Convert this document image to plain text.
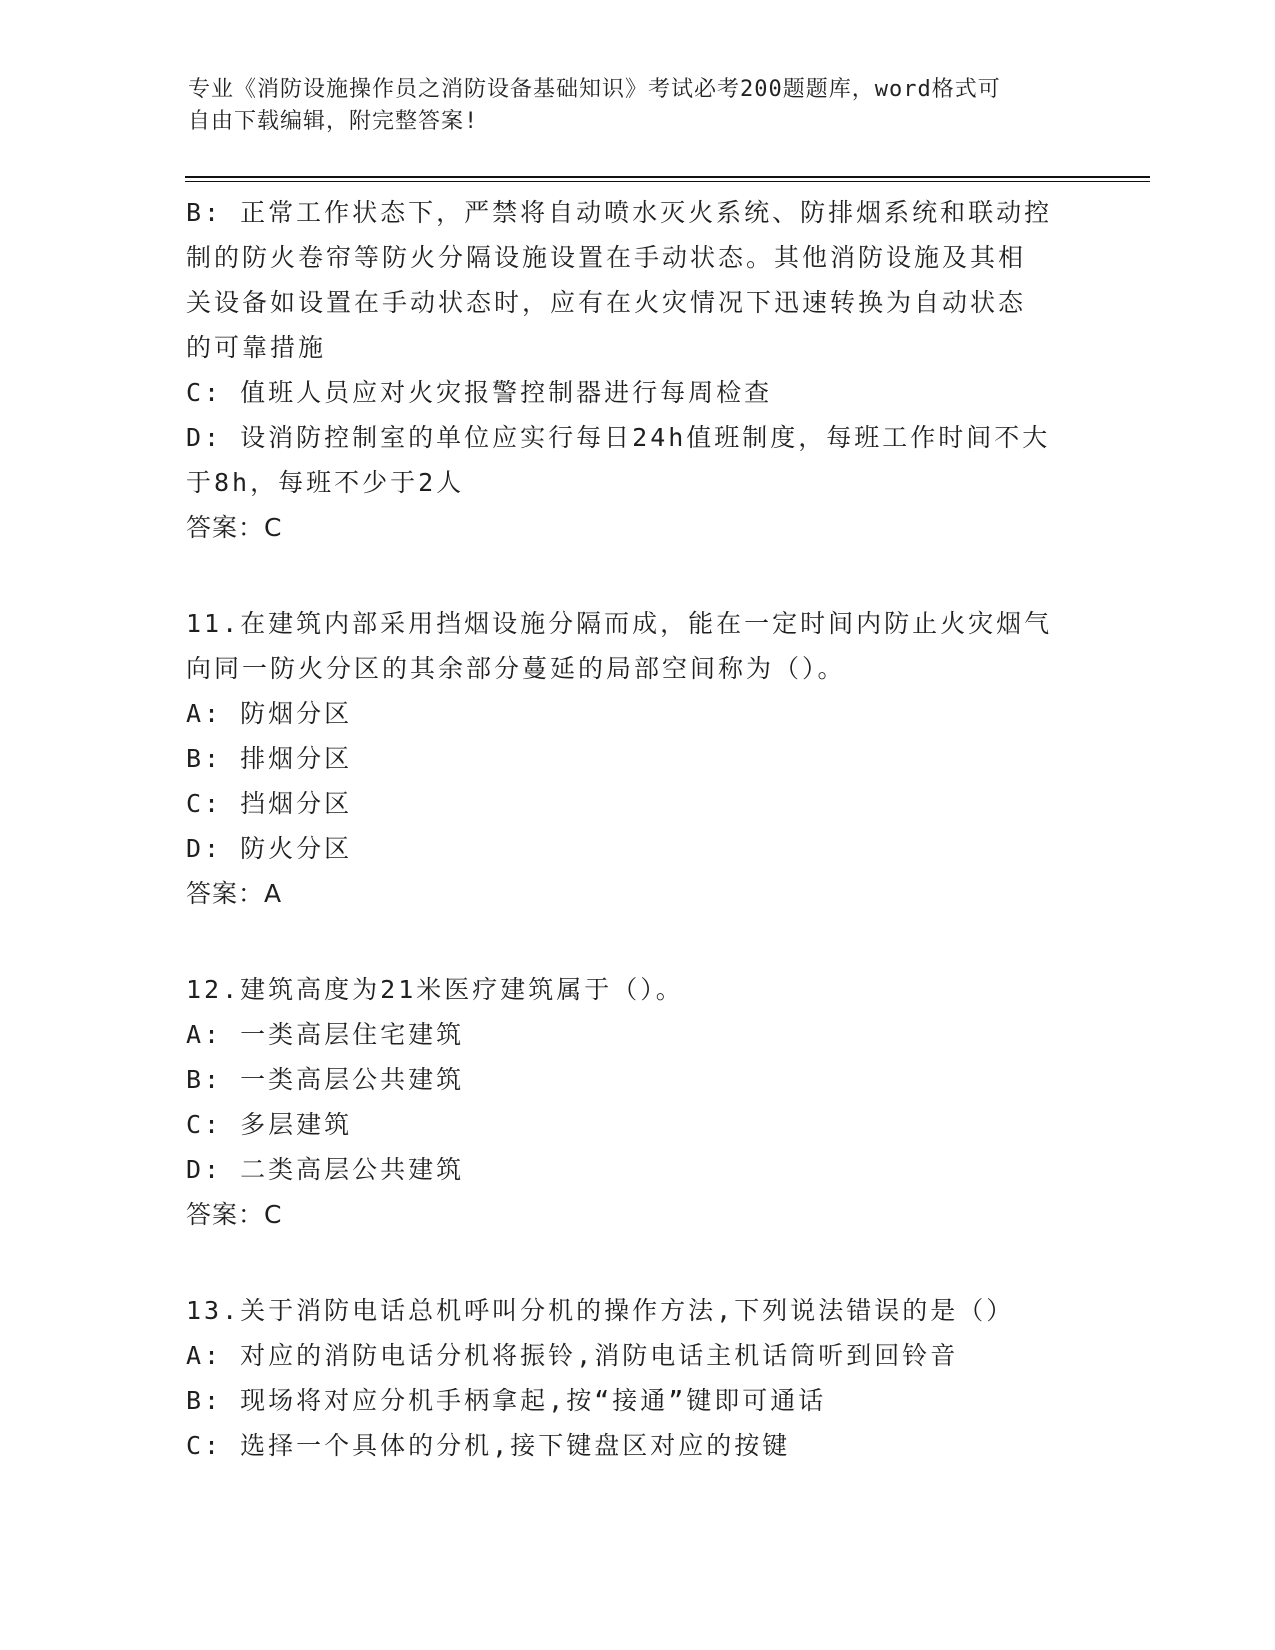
专业《消防设施操作员之消防设备基础知识》考试必考200题题库，word格式可
自由下载编辑，附完整答案!
B: 正常工作状态下，严禁将自动喷水灭火系统、防排烟系统和联动控
制的防火卷帘等防火分隔设施设置在手动状态。其他消防设施及其相
关设备如设置在手动状态时，应有在火灾情况下迅速转换为自动状态
的可靠措施
C: 值班人员应对火灾报警控制器进行每周检查
D: 设消防控制室的单位应实行每日24h值班制度，每班工作时间不大
于8h，每班不少于2人
答案：C
11.在建筑内部采用挡烟设施分隔而成，能在一定时间内防止火灾烟气
向同一防火分区的其余部分蔓延的局部空间称为（）。
A: 防烟分区
B: 排烟分区
C: 挡烟分区
D: 防火分区
答案：A
12.建筑高度为21米医疗建筑属于（）。
A: 一类高层住宅建筑
B: 一类高层公共建筑
C: 多层建筑
D: 二类高层公共建筑
答案：C
13.关于消防电话总机呼叫分机的操作方法,下列说法错误的是（）
A: 对应的消防电话分机将振铃,消防电话主机话筒听到回铃音
B: 现场将对应分机手柄拿起,按“接通”键即可通话
C: 选择一个具体的分机,接下键盘区对应的按键
